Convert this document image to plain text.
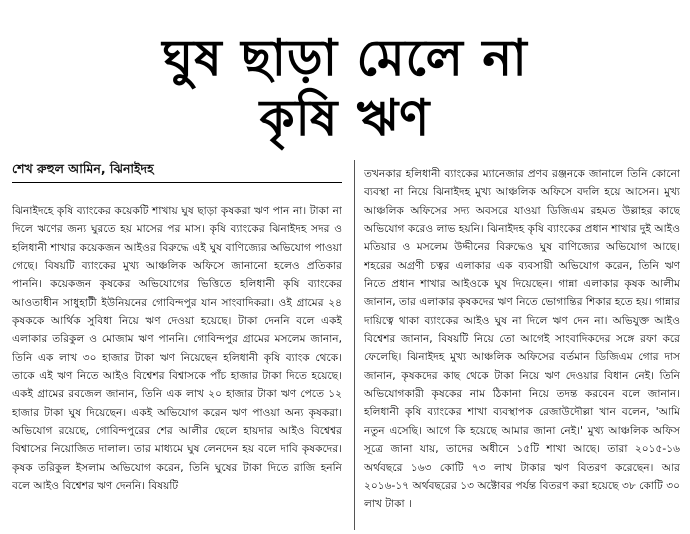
ঘুষ ছাড়া মেলে না
কৃষি ঋণ
শেখ রুহুল আমিন, ঝিনাইদহ
ঝিনাইদহে কৃষি ব্যাংকের কয়েকটি শাখায় ঘুষ ছাড়া কৃষকরা ঋণ পান না। টাকা না দিলে ঋণের জন্য ঘুরতে হয় মাসের পর মাস। কৃষি ব্যাংকের ঝিনাইদহ সদর ও হলিধানী শাখার কয়েকজন আইওর বিরুদ্ধে এই ঘুষ বাণিজ্যের অভিযোগ পাওয়া গেছে। বিষয়টি ব্যাংকের মুখ্য আঞ্চলিক অফিসে জানানো হলেও প্রতিকার পাননি। কয়েকজন কৃষকের অভিযোগের ভিত্তিতে হলিধানী কৃষি ব্যাংকের আওতাধীন সাধুহাটী ইউনিয়নের গোবিন্দপুর যান সাংবাদিকরা। ওই গ্রামের ২৪ কৃষককে আর্থিক সুবিধা নিয়ে ঋণ দেওয়া হয়েছে। টাকা দেননি বলে একই এলাকার তরিকুল ও মোজাম ঋণ পাননি। গোবিন্দপুর গ্রামের মসলেম জানান, তিনি এক লাখ ৩০ হাজার টাকা ঋণ নিয়েছেন হলিধানী কৃষি ব্যাংক থেকে। তাকে এই ঋণ নিতে আইও বিশ্বেশর বিশ্বাসকে পাঁচ হাজার টাকা দিতে হয়েছে। একই গ্রামের রবজেল জানান, তিনি এক লাখ ২০ হাজার টাকা ঋণ পেতে ১২ হাজার টাকা ঘুষ দিয়েছেন। একই অভিযোগ করেন ঋণ পাওয়া অন্য কৃষকরা। অভিযোগ রয়েছে, গোবিন্দপুরের শের আলীর ছেলে হায়দার আইও বিশ্বেশ্বর বিশ্বাসের নিয়োজিত দালাল। তার মাধ্যমে ঘুষ লেনদেন হয় বলে দাবি কৃষকদের। কৃষক তরিকুল ইসলাম অভিযোগ করেন, তিনি ঘুষের টাকা দিতে রাজি হননি বলে আইও বিশ্বেশর ঋণ দেননি। বিষয়টি
তখনকার হলিধানী ব্যাংকের ম্যানেজার প্রণব রঞ্জনকে জানালে তিনি কোনো ব্যবস্থা না নিয়ে ঝিনাইদহ মুখ্য আঞ্চলিক অফিসে বদলি হয়ে আসেন। মুখ্য আঞ্চলিক অফিসের সদ্য অবসরে যাওয়া ডিজিএম রহমত উল্লাহর কাছে অভিযোগ করেও লাভ হয়নি। ঝিনাইদহ কৃষি ব্যাংকের প্রধান শাখার দুই আইও মতিয়ার ও মসলেম উদ্দীনের বিরুদ্ধেও ঘুষ বাণিজ্যের অভিযোগ আছে। শহরের অগ্রণী চত্বর এলাকার এক ব্যবসায়ী অভিযোগ করেন, তিনি ঋণ নিতে প্রধান শাখার আইওকে ঘুষ দিয়েছেন। গান্না এলাকার কৃষক আলীম জানান, তার এলাকার কৃষকদের ঋণ নিতে ভোগান্তির শিকার হতে হয়। গান্নার দায়িত্বে থাকা ব্যাংকের আইও ঘুষ না দিলে ঋণ দেন না। অভিযুক্ত আইও বিশ্বেশর জানান, বিষয়টি নিয়ে তো আগেই সাংবাদিকদের সঙ্গে রফা করে ফেলেছি। ঝিনাইদহ মুখ্য আঞ্চলিক অফিসের বর্তমান ডিজিএম গোর দাস জানান, কৃষকদের কাছ থেকে টাকা নিয়ে ঋণ দেওয়ার বিধান নেই। তিনি অভিযোগকারী কৃষকের নাম ঠিকানা নিয়ে তদন্ত করবেন বলে জানান। হলিধানী কৃষি ব্যাংকের শাখা ব্যবস্থাপক রেজাউদৌল্লা খান বলেন, 'আমি নতুন এসেছি। আগে কি হয়েছে আমার জানা নেই।' মুখ্য আঞ্চলিক অফিস সূত্রে জানা যায়, তাদের অধীনে ১৫টি শাখা আছে। তারা ২০১৫-১৬ অর্থবছরে ১৬৩ কোটি ৭৩ লাখ টাকার ঋণ বিতরণ করেছেন। আর ২০১৬-১৭ অর্থবছরের ১৩ অক্টোবর পর্যন্ত বিতরণ করা হয়েছে ৩৮ কোটি ৩০ লাখ টাকা ।
